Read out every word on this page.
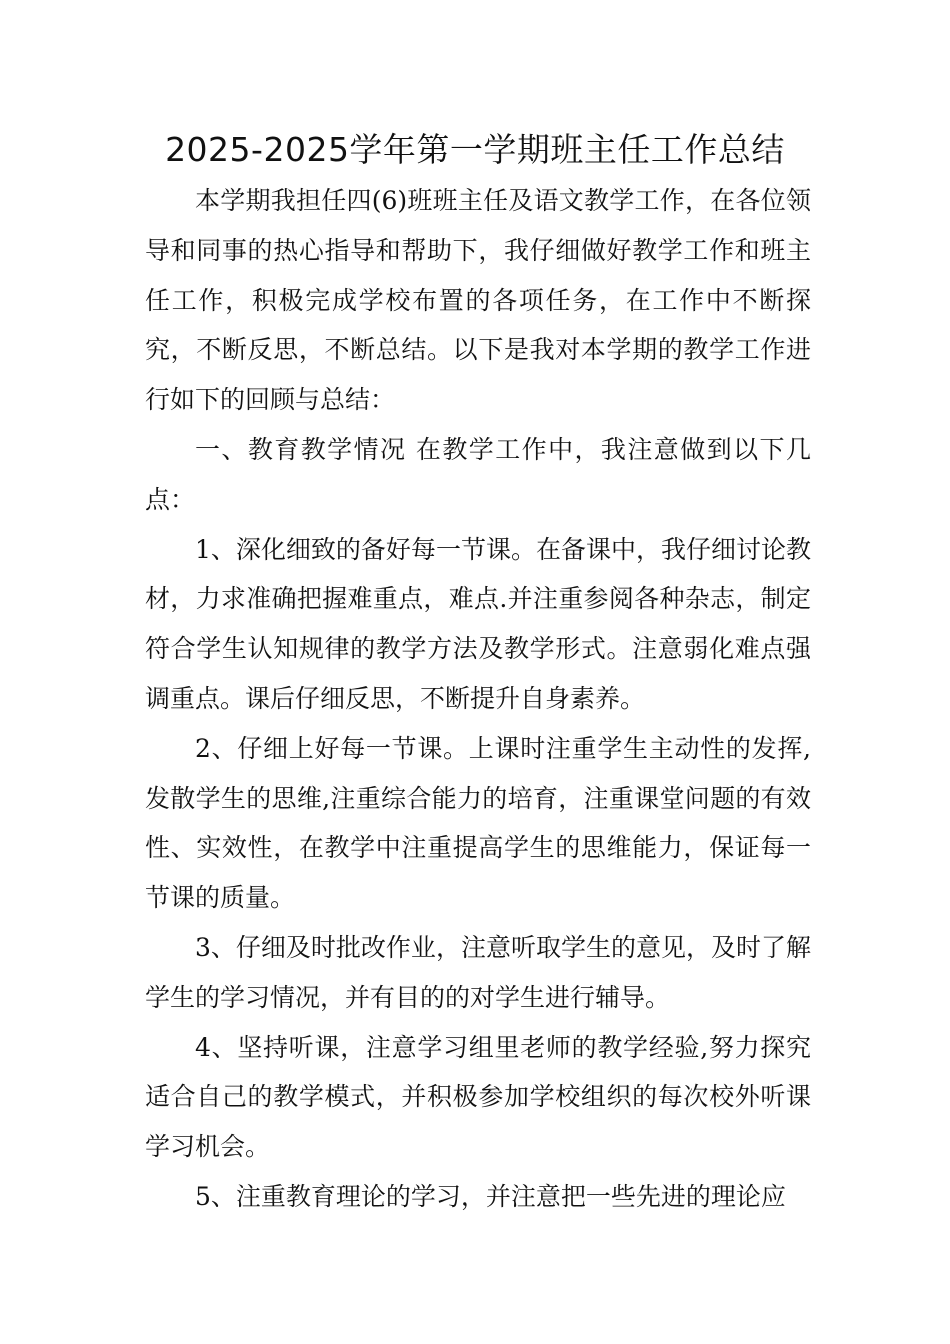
2025-2025学年第一学期班主任工作总结

本学期我担任四(6)班班主任及语文教学工作，在各位领导和同事的热心指导和帮助下，我仔细做好教学工作和班主任工作，积极完成学校布置的各项任务，在工作中不断探究，不断反思，不断总结。以下是我对本学期的教学工作进行如下的回顾与总结：

一、教育教学情况 在教学工作中，我注意做到以下几点：

1、深化细致的备好每一节课。在备课中，我仔细讨论教材，力求准确把握难重点，难点.并注重参阅各种杂志，制定符合学生认知规律的教学方法及教学形式。注意弱化难点强调重点。课后仔细反思，不断提升自身素养。

2、仔细上好每一节课。上课时注重学生主动性的发挥,发散学生的思维,注重综合能力的培育，注重课堂问题的有效性、实效性，在教学中注重提高学生的思维能力，保证每一节课的质量。

3、仔细及时批改作业，注意听取学生的意见，及时了解学生的学习情况，并有目的的对学生进行辅导。

4、坚持听课，注意学习组里老师的教学经验,努力探究适合自己的教学模式，并积极参加学校组织的每次校外听课学习机会。

5、注重教育理论的学习，并注意把一些先进的理论应
